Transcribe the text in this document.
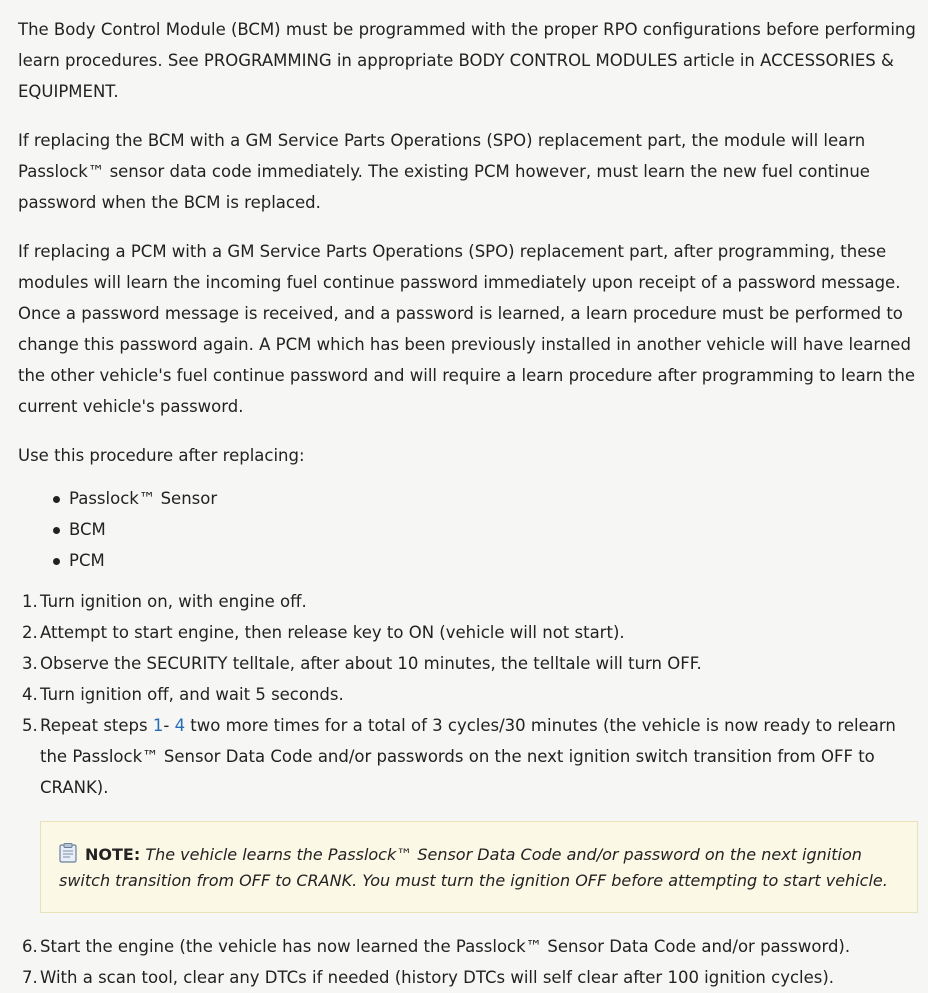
The Body Control Module (BCM) must be programmed with the proper RPO configurations before performing learn procedures. See PROGRAMMING in appropriate BODY CONTROL MODULES article in ACCESSORIES & EQUIPMENT.

If replacing the BCM with a GM Service Parts Operations (SPO) replacement part, the module will learn Passlock™ sensor data code immediately. The existing PCM however, must learn the new fuel continue password when the BCM is replaced.

If replacing a PCM with a GM Service Parts Operations (SPO) replacement part, after programming, these modules will learn the incoming fuel continue password immediately upon receipt of a password message. Once a password message is received, and a password is learned, a learn procedure must be performed to change this password again. A PCM which has been previously installed in another vehicle will have learned the other vehicle's fuel continue password and will require a learn procedure after programming to learn the current vehicle's password.

Use this procedure after replacing:

Passlock™ Sensor
BCM
PCM
1. Turn ignition on, with engine off.
2. Attempt to start engine, then release key to ON (vehicle will not start).
3. Observe the SECURITY telltale, after about 10 minutes, the telltale will turn OFF.
4. Turn ignition off, and wait 5 seconds.
5. Repeat steps 1- 4 two more times for a total of 3 cycles/30 minutes (the vehicle is now ready to relearn the Passlock™ Sensor Data Code and/or passwords on the next ignition switch transition from OFF to CRANK).
NOTE: The vehicle learns the Passlock™ Sensor Data Code and/or password on the next ignition switch transition from OFF to CRANK. You must turn the ignition OFF before attempting to start vehicle.
6. Start the engine (the vehicle has now learned the Passlock™ Sensor Data Code and/or password).
7. With a scan tool, clear any DTCs if needed (history DTCs will self clear after 100 ignition cycles).
